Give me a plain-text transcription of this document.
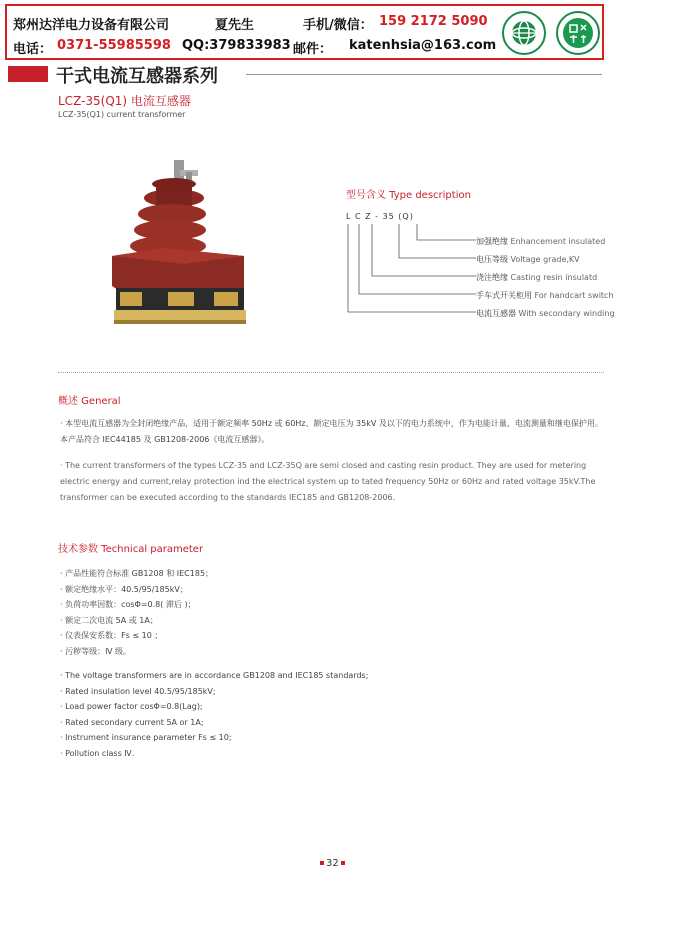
郑州达洋电力设备有限公司	夏先生	手机/微信： 159 2172 5090
电话： 0371-55985598 QQ:379833983 邮件： katenhsia@163.com
干式电流互感器系列
LCZ-35(Q1) 电流互感器
LCZ-35(Q1) current transformer
型号含义 Type description
L C Z - 35 (Q)
加强绝缘 Enhancement insulated
电压等级 Voltage grade,KV
浇注绝缘 Casting resin insulatd
手车式开关柜用 For handcart switch
电流互感器 With secondary winding
概述 General
· 本型电流互感器为全封闭绝缘产品，适用于额定频率 50Hz 或 60Hz、额定电压为 35kV 及以下的电力系统中，作为电能计量、电流测量和继电保护用。本产品符合 IEC44185 及 GB1208-2006《电流互感器》。
· The current transformers of the types LCZ-35 and LCZ-35Q are semi closed and casting resin product. They are used for metering electric energy and current,relay protection ind the electrical system up to tated frequency 50Hz or 60Hz and rated voltage 35kV.The transformer can be executed according to the standards IEC185 and GB1208-2006.
技术参数 Technical parameter
· 产品性能符合标准 GB1208 和 IEC185；
· 额定绝缘水平：40.5/95/185kV；
· 负荷功率因数：cosΦ=0.8( 滞后 )；
· 额定二次电流 5A 或 1A；
· 仪表保安系数：Fs ≤ 10 ；
· 污秽等级：Ⅳ 级。
· The voltage transformers are in accordance GB1208 and IEC185 standards;
· Rated insulation level 40.5/95/185kV;
· Load power factor cosΦ=0.8(Lag);
· Rated secondary current 5A or 1A;
· Instrument insurance parameter Fs ≤ 10;
· Pollution class Ⅳ.
32
